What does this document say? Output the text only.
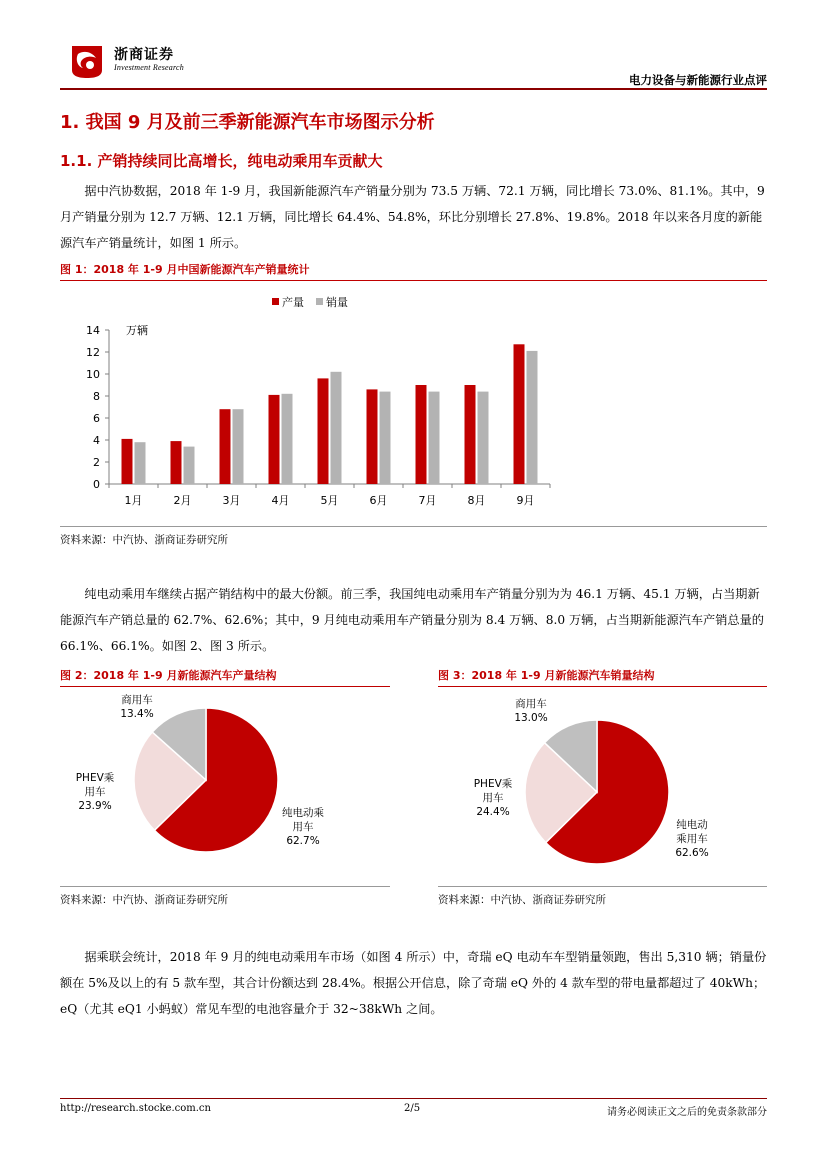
浙商证券
Investment Research
电力设备与新能源行业点评
1. 我国 9 月及前三季新能源汽车市场图示分析
1.1. 产销持续同比高增长，纯电动乘用车贡献大

据中汽协数据，2018 年 1-9 月，我国新能源汽车产销量分别为 73.5 万辆、72.1 万辆，同比增长 73.0%、81.1%。其中，9 月产销量分别为 12.7 万辆、12.1 万辆，同比增长 64.4%、54.8%，环比分别增长 27.8%、19.8%。2018 年以来各月度的新能源汽车产销量统计，如图 1 所示。

图 1：2018 年 1-9 月中国新能源汽车产销量统计
产量 销量
0
2
4
6
8
10
12
14 万辆
1月	2月	3月	4月	5月	6月	7月	8月	9月
资料来源：中汽协、浙商证券研究所

纯电动乘用车继续占据产销结构中的最大份额。前三季，我国纯电动乘用车产销量分别为为 46.1 万辆、45.1 万辆，占当期新能源汽车产销总量的 62.7%、62.6%；其中，9 月纯电动乘用车产销量分别为 8.4 万辆、8.0 万辆，占当期新能源汽车产销总量的 66.1%、66.1%。如图 2、图 3 所示。

图 2：2018 年 1-9 月新能源汽车产量结构
纯电动乘
用车
62.7%
PHEV乘
用车
23.9%
商用车
13.4%
资料来源：中汽协、浙商证券研究所
图 3：2018 年 1-9 月新能源汽车销量结构
纯电动
乘用车
62.6%
PHEV乘
用车
24.4%
商用车
13.0%
资料来源：中汽协、浙商证券研究所

据乘联会统计，2018 年 9 月的纯电动乘用车市场（如图 4 所示）中，奇瑞 eQ 电动车车型销量领跑，售出 5,310 辆；销量份额在 5%及以上的有 5 款车型，其合计份额达到 28.4%。根据公开信息，除了奇瑞 eQ 外的 4 款车型的带电量都超过了 40kWh；eQ（尤其 eQ1 小蚂蚁）常见车型的电池容量介于 32~38kWh 之间。

http://research.stocke.com.cn	2/5	请务必阅读正文之后的免责条款部分
